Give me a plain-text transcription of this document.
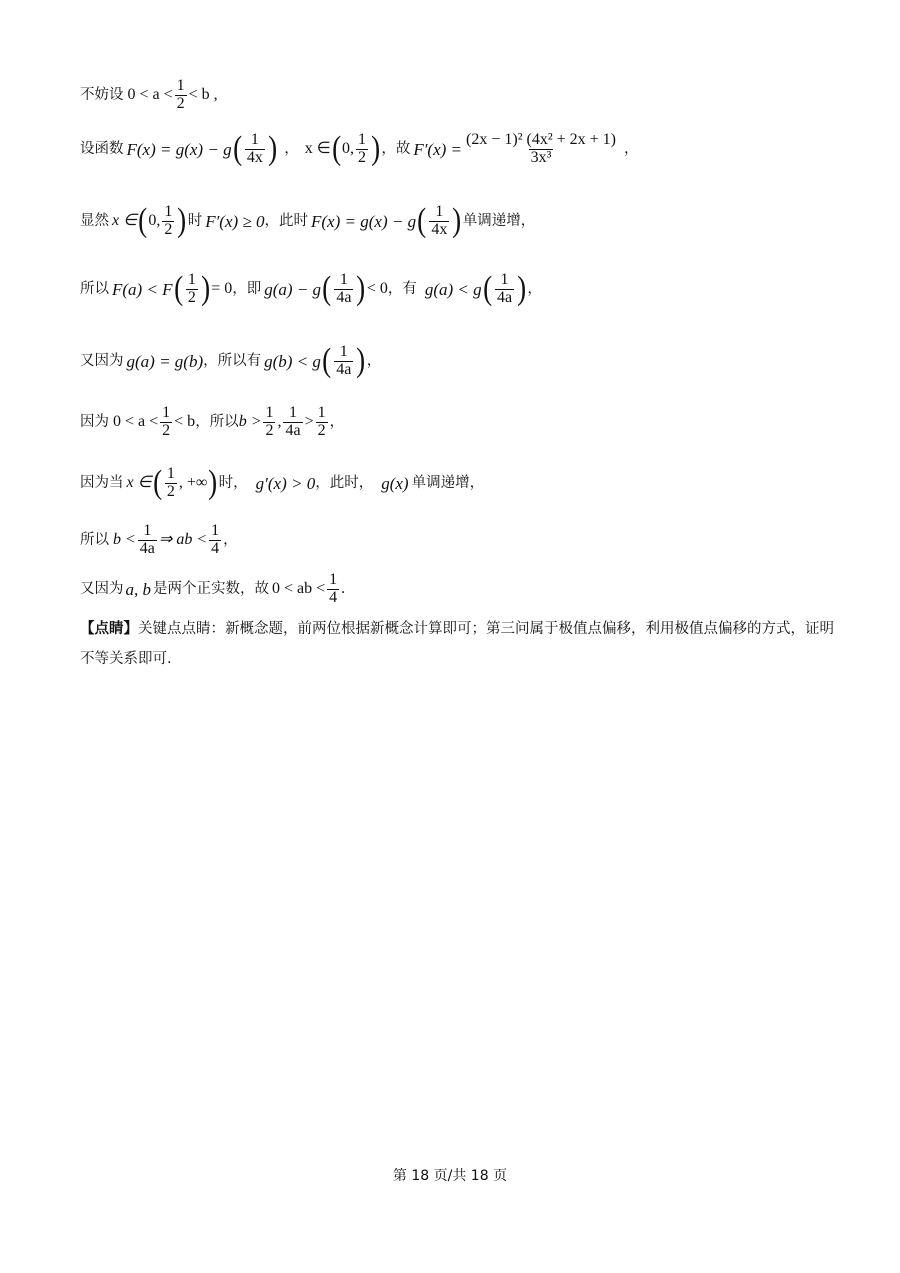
不妨设 $0 < a < \frac{1}{2} < b$ ,
设函数 F(x) = g(x) − g ( $\frac{1}{4x}$ ) ， x ∈ ( 0, $\frac{1}{2}$ ) ，故 $F'(x) = \frac{\text{(2x − 1)² (4x² + 2x + 1)}}{\text{3x³}}$ ，
显然 x ∈ ( 0, $\frac{1}{2}$ ) 时 F′(x) ≥ 0 ，此时 F(x) = g(x) − g ( $\frac{1}{4x}$ ) 单调递增，
所以 F(a) < F ( $\frac{1}{2}$ ) = 0 ，即 g(a) − g ( $\frac{1}{4a}$ ) < 0 ，有 g(a) < g ( $\frac{1}{4a}$ ) ，
又因为 g(a) = g(b) ，所以有 g(b) < g ( $\frac{1}{4a}$ ) ，
因为 $0 < a < \frac{1}{2} < b$ ，所以 $b > \frac{1}{2}$ , $\frac{1}{4a} > \frac{1}{2}$ ，
因为当 x ∈ ( $\frac{1}{2}$ , +∞ ) 时， g′(x) > 0 ，此时， g(x) 单调递增，
所以 $b < \frac{1}{4a}$ ⇒ ab < $\frac{1}{4}$ ，
又因为 a, b 是两个正实数，故 0 < ab < $\frac{1}{4}$ .
【点睛】关键点点睛：新概念题，前两位根据新概念计算即可；第三问属于极值点偏移，利用极值点偏移的方式，证明不等关系即可.
第 18 页/共 18 页
